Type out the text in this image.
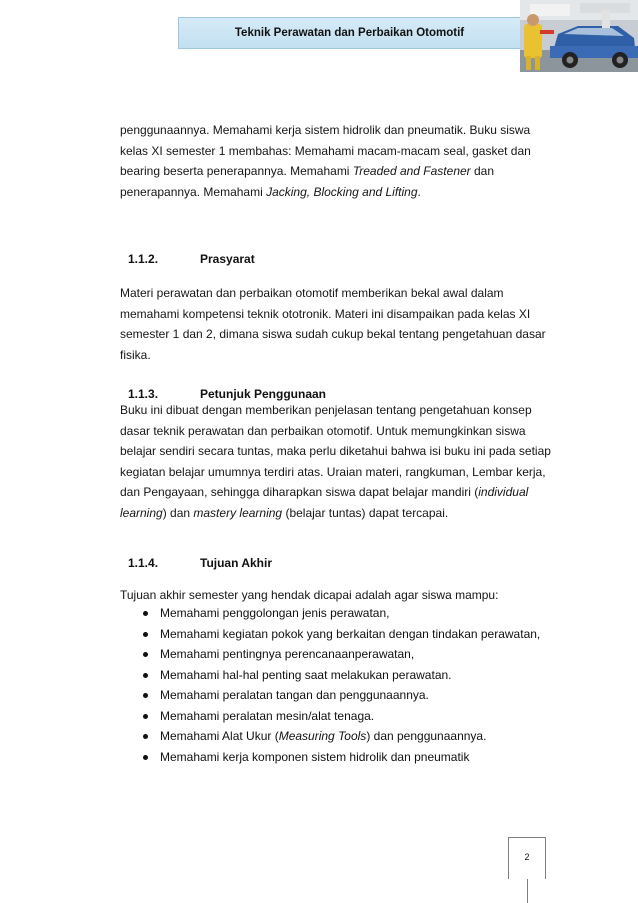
Teknik Perawatan dan Perbaikan Otomotif
penggunaannya. Memahami kerja sistem hidrolik dan pneumatik. Buku siswa
kelas XI semester 1 membahas: Memahami macam-macam seal, gasket dan
bearing beserta penerapannya. Memahami Treaded and Fastener dan
penerapannya. Memahami Jacking, Blocking and Lifting.
1.1.2.	Prasyarat
Materi perawatan dan perbaikan otomotif memberikan bekal awal dalam
memahami kompetensi teknik ototronik. Materi ini disampaikan pada kelas XI
semester 1 dan 2, dimana siswa sudah cukup bekal tentang pengetahuan dasar
fisika.
1.1.3.	Petunjuk Penggunaan
Buku ini dibuat dengan memberikan penjelasan tentang pengetahuan konsep
dasar teknik perawatan dan perbaikan otomotif. Untuk memungkinkan siswa
belajar sendiri secara tuntas, maka perlu diketahui bahwa isi buku ini pada setiap
kegiatan belajar umumnya terdiri atas. Uraian materi, rangkuman, Lembar kerja,
dan Pengayaan, sehingga diharapkan siswa dapat belajar mandiri (individual
learning) dan mastery learning (belajar tuntas) dapat tercapai.
1.1.4.	Tujuan Akhir
Tujuan akhir semester yang hendak dicapai adalah agar siswa mampu:
Memahami penggolongan jenis perawatan,
Memahami kegiatan pokok yang berkaitan dengan tindakan perawatan,
Memahami pentingnya perencanaanperawatan,
Memahami hal-hal penting saat melakukan perawatan.
Memahami peralatan tangan dan penggunaannya.
Memahami peralatan mesin/alat tenaga.
Memahami Alat Ukur (Measuring Tools) dan penggunaannya.
Memahami kerja komponen sistem hidrolik dan pneumatik
2
